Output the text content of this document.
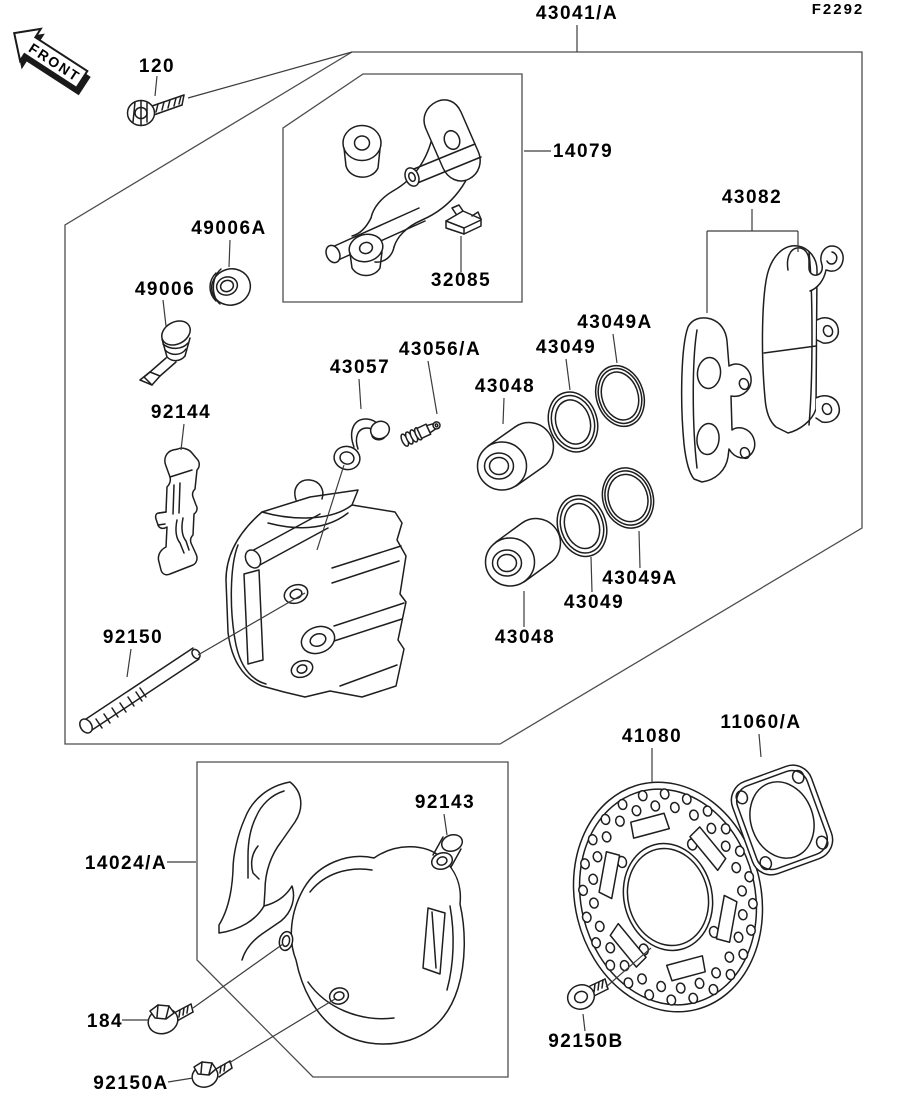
FRONT
F2292
43041/A
120
14079
32085
43082
49006A
49006
92144
43057
43056/A
43048
43049
43049A
43049A
43049
43048
92150
14024/A
92143
184
92150A
41080
11060/A
92150B
